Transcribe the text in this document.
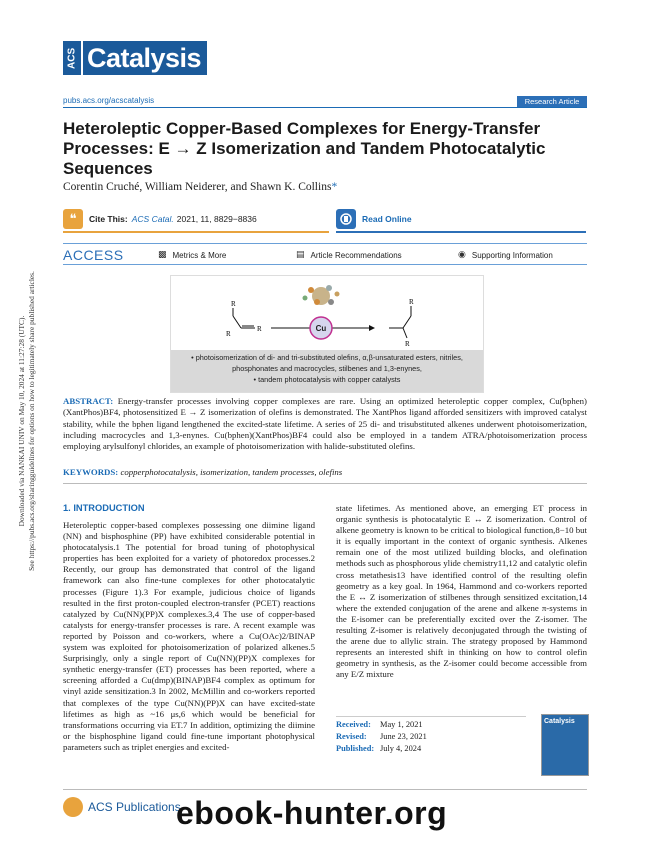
Downloaded via NANKAI UNIV on May 10, 2024 at 11:27:28 (UTC). See https://pubs.acs.org/sharingguidelines for options on how to legitimately share published articles.
ACS Catalysis
pubs.acs.org/acscatalysis	Research Article
Heteroleptic Copper-Based Complexes for Energy-Transfer Processes: E → Z Isomerization and Tandem Photocatalytic Sequences
Corentin Cruché, William Neiderer, and Shawn K. Collins*
❝	Cite This: ACS Catal. 2021, 11, 8829−8836	Read Online
ACCESS	▩ Metrics & More	▤ Article Recommendations	◉ Supporting Information
R
R
R	Cu
R
R
• photoisomerization of di- and tri-substituted olefins, α,β-unsaturated esters, nitriles,
phosphonates and macrocycles, stilbenes and 1,3-enynes,
• tandem photocatalysis with copper catalysts
ABSTRACT: Energy-transfer processes involving copper complexes are rare. Using an optimized heteroleptic copper complex, Cu(bphen)(XantPhos)BF4, photosensitized E → Z isomerization of olefins is demonstrated. The XantPhos ligand afforded sensitizers with improved catalyst stability, while the bphen ligand lengthened the excited-state lifetime. A series of 25 di- and trisubstituted alkenes underwent photoisomerization, including macrocycles and 1,3-enynes. Cu(bphen)(XantPhos)BF4 could also be employed in a tandem ATRA/photoisomerization process employing arylsulfonyl chlorides, an example of photoisomerization with halide-substituted olefins.
KEYWORDS: copperphotocatalysis, isomerization, tandem processes, olefins
1. INTRODUCTION
Heteroleptic copper-based complexes possessing one diimine ligand (NN) and bisphosphine (PP) have exhibited considerable potential in photocatalysis.1 The potential for broad tuning of photophysical properties has been exploited for a variety of photoredox processes.2 Recently, our group has demonstrated that control of the ligand framework can also fine-tune complexes for other photocatalytic processes (Figure 1).3 For example, judicious choice of ligands resulted in the first proton-coupled electron-transfer (PCET) reactions catalyzed by Cu(NN)(PP)X complexes.3,4 The use of copper-based catalysts for energy-transfer processes is rare. A recent example was reported by Poisson and co-workers, where a Cu(OAc)2/BINAP system was exploited for photoisomerization of polarized alkenes.5 Surprisingly, only a single report of Cu(NN)(PP)X complexes for synthetic energy-transfer (ET) processes has been reported, where a screening afforded a Cu(dmp)(BINAP)BF4 complex as optimum for vinyl azide sensitization.3 In 2002, McMillin and co-workers reported that complexes of the type Cu(NN)(PP)X can have excited-state lifetimes as high as ~16 μs,6 which would be beneficial for transformations occurring via ET.7 In addition, optimizing the diimine or the bisphosphine ligand could fine-tune important photophysical parameters such as triplet energies and excited-
state lifetimes. As mentioned above, an emerging ET process in organic synthesis is photocatalytic E ↔ Z isomerization. Control of alkene geometry is known to be critical to biological function,8−10 but it is equally important in the context of organic synthesis. Alkenes remain one of the most utilized building blocks, and olefination methods such as phosphorous ylide chemistry11,12 and catalytic olefin cross metathesis13 have identified control of the resulting olefin geometry as a key goal. In 1964, Hammond and co-workers reported the E ↔ Z isomerization of stilbenes through sensitized excitation,14 where the extended conjugation of the arene and alkene π-systems in the E-isomer can be preferentially excited over the Z-isomer. The resulting Z-isomer is relatively deconjugated through the twisting of the arene due to allylic strain. The strategy proposed by Hammond represents an interested shift in thinking on how to control olefin geometry in synthesis, as the Z-isomer could become accessible from any E/Z mixture
Received: May 1, 2021
Revised: June 23, 2021
Published: July 4, 2024
Catalysis
ACS Publications
ebook-hunter.org
